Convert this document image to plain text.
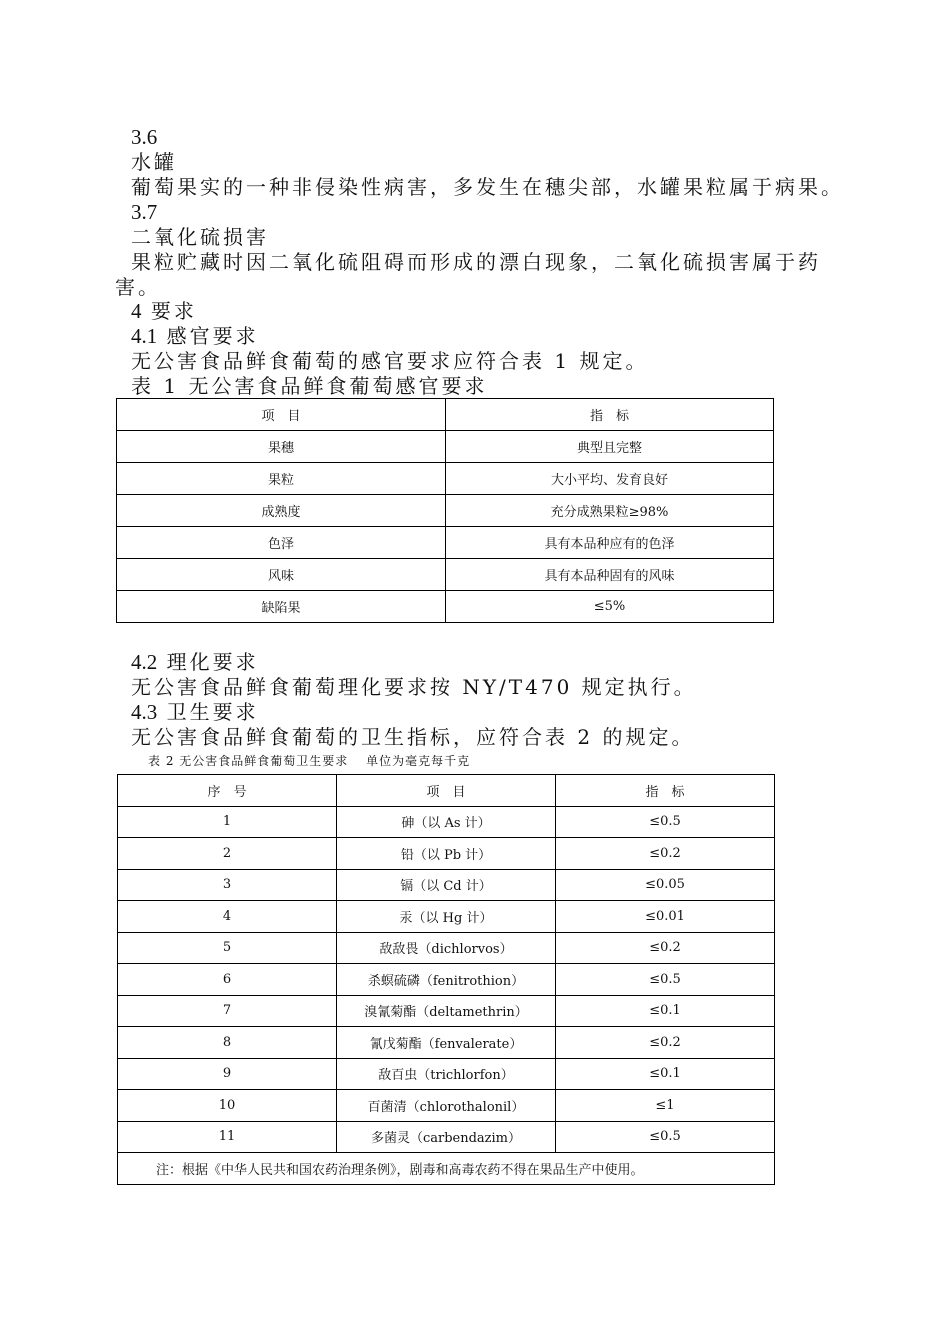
3.6
水罐
葡萄果实的一种非侵染性病害，多发生在穗尖部，水罐果粒属于病果。
3.7
二氧化硫损害
果粒贮藏时因二氧化硫阻碍而形成的漂白现象，二氧化硫损害属于药
害。
4 要求
4.1 感官要求
无公害食品鲜食葡萄的感官要求应符合表 1 规定。
表 1 无公害食品鲜食葡萄感官要求
项　目	指　标
果穗	典型且完整
果粒	大小平均、发育良好
成熟度	充分成熟果粒≥98%
色泽	具有本品种应有的色泽
风味	具有本品种固有的风味
缺陷果	≤5%
4.2 理化要求
无公害食品鲜食葡萄理化要求按 NY/T470 规定执行。
4.3 卫生要求
无公害食品鲜食葡萄的卫生指标，应符合表 2 的规定。
表 2 无公害食品鲜食葡萄卫生要求　 单位为毫克每千克
序　号	项　目	指　标
1	砷（以 As 计）	≤0.5
2	铅（以 Pb 计）	≤0.2
3	镉（以 Cd 计）	≤0.05
4	汞（以 Hg 计）	≤0.01
5	敌敌畏（dichlorvos）	≤0.2
6	杀螟硫磷（fenitrothion）	≤0.5
7	溴氰菊酯（deltamethrin）	≤0.1
8	氰戊菊酯（fenvalerate）	≤0.2
9	敌百虫（trichlorfon）	≤0.1
10	百菌清（chlorothalonil）	≤1
11	多菌灵（carbendazim）	≤0.5
注：根据《中华人民共和国农药治理条例》，剧毒和高毒农药不得在果品生产中使用。		
